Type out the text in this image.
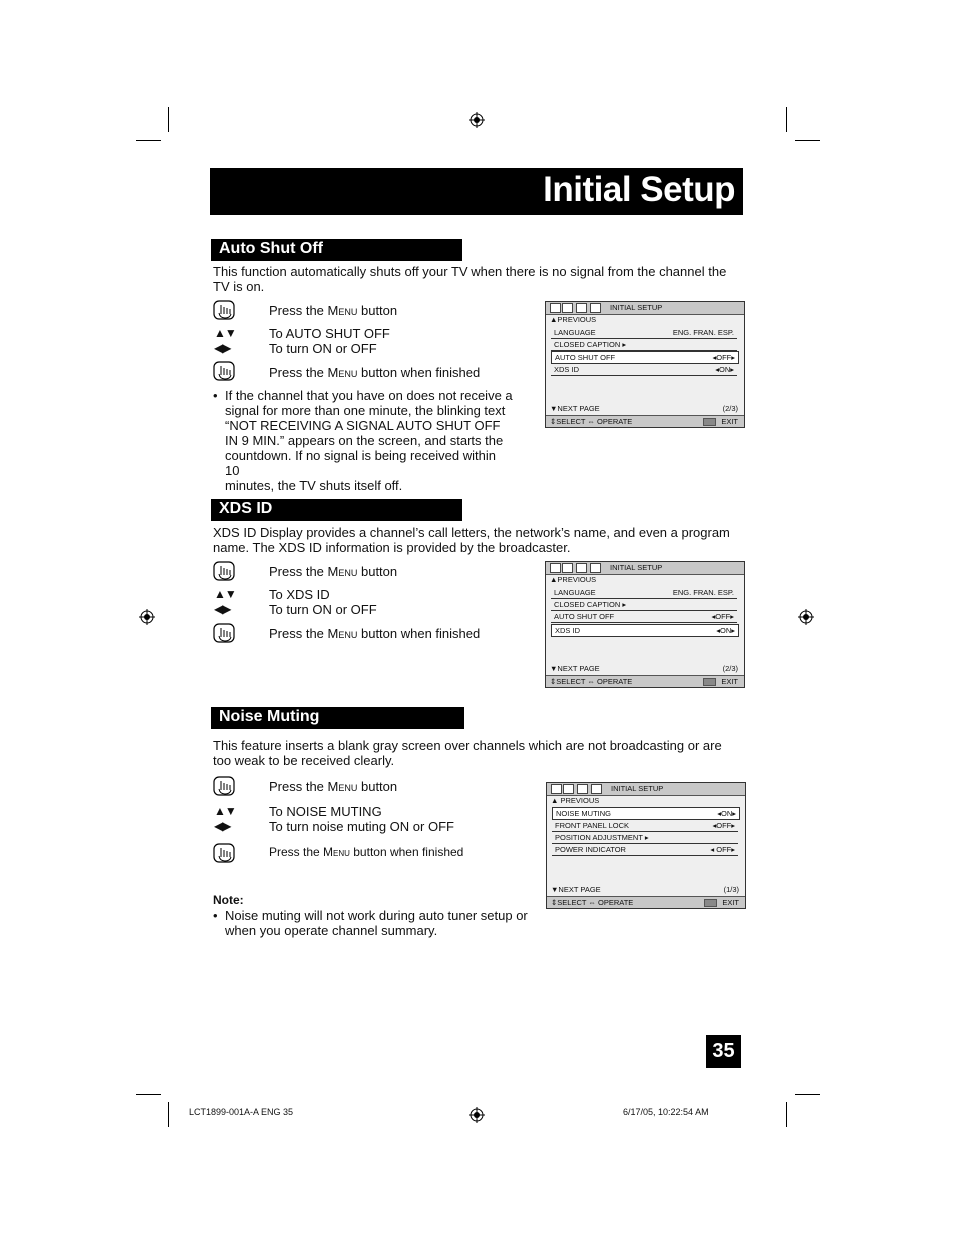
Initial Setup
Auto Shut Off
This function automatically shuts off your TV when there is no signal from the channel the TV is on.
Press the Menu button
▲▼	To AUTO SHUT OFF
◀▶	To turn ON or OFF
Press the Menu button when finished
• If the channel that you have on does not receive a
signal for more than one minute, the blinking text
“NOT RECEIVING A SIGNAL AUTO SHUT OFF
IN 9 MIN.” appears on the screen, and starts the
countdown. If no signal is being received within 10
minutes, the TV shuts itself off.
INITIAL SETUP
▲PREVIOUS
LANGUAGE	ENG. FRAN. ESP.
CLOSED CAPTION ▸
AUTO SHUT OFF	◂OFF▸
XDS ID	◂ON▸
▼NEXT PAGE	(2/3)
⇕SELECT ⇔ OPERATE	EXIT
XDS ID
XDS ID Display provides a channel’s call letters, the network’s name, and even a program name. The XDS ID information is provided by the broadcaster.
Press the Menu button
▲▼	To XDS ID
◀▶	To turn ON or OFF
Press the Menu button when finished
INITIAL SETUP
▲PREVIOUS
LANGUAGE	ENG. FRAN. ESP.
CLOSED CAPTION ▸
AUTO SHUT OFF	◂OFF▸
XDS ID	◂ON▸
▼NEXT PAGE	(2/3)
⇕SELECT ⇔ OPERATE	EXIT
Noise Muting
This feature inserts a blank gray screen over channels which are not broadcasting or are too weak to be received clearly.
Press the Menu button
▲▼	To NOISE MUTING
◀▶	To turn noise muting ON or OFF
Press the Menu button when finished
Note:
• Noise muting will not work during auto tuner setup or
when you operate channel summary.
INITIAL SETUP
▲ PREVIOUS
NOISE MUTING	◂ON▸
FRONT PANEL LOCK	◂OFF▸
POSITION ADJUSTMENT ▸
POWER INDICATOR	◂ OFF▸
▼NEXT PAGE	(1/3)
⇕SELECT ⇔ OPERATE	EXIT
35
LCT1899-001A-A ENG 35	6/17/05, 10:22:54 AM
